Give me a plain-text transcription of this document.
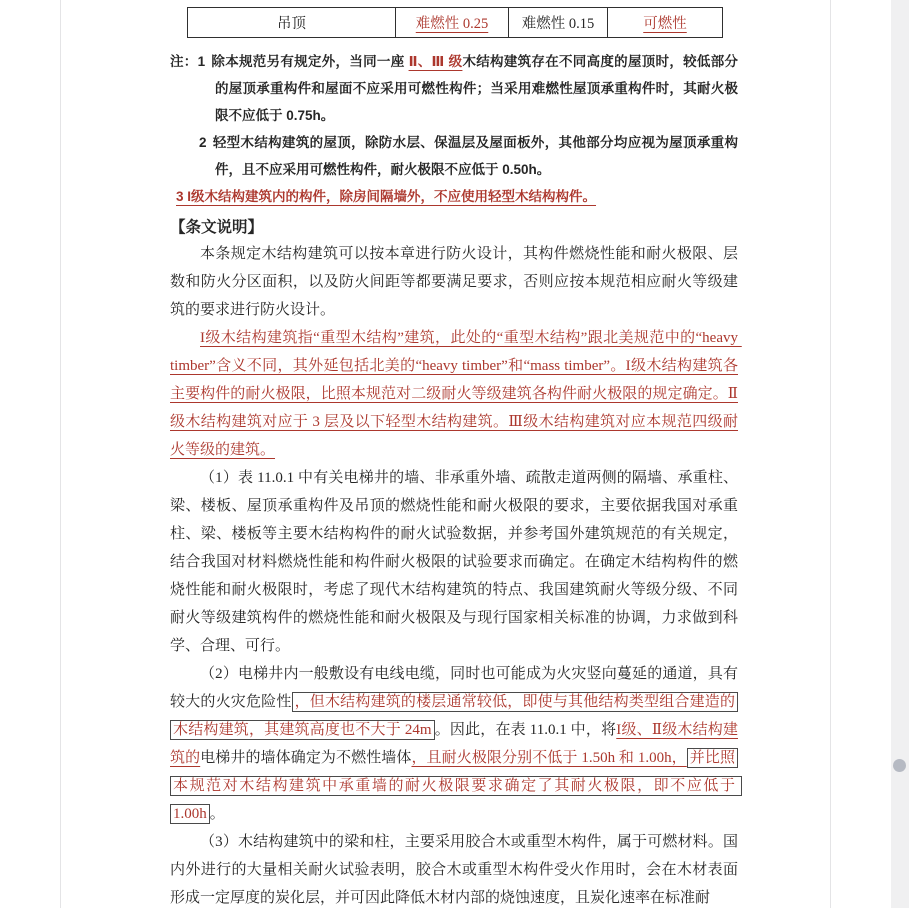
吊顶	难燃性 0.25	难燃性 0.15	可燃性
注：1 除本规范另有规定外，当同一座 Ⅱ、Ⅲ 级木结构建筑存在不同高度的屋顶时，较低部分的屋顶承重构件和屋面不应采用可燃性构件；当采用难燃性屋顶承重构件时，其耐火极限不应低于 0.75h。
2 轻型木结构建筑的屋顶，除防水层、保温层及屋面板外，其他部分均应视为屋顶承重构件，且不应采用可燃性构件，耐火极限不应低于 0.50h。
3 I级木结构建筑内的构件，除房间隔墙外，不应使用轻型木结构构件。
【条文说明】

本条规定木结构建筑可以按本章进行防火设计，其构件燃烧性能和耐火极限、层数和防火分区面积，以及防火间距等都要满足要求，否则应按本规范相应耐火等级建筑的要求进行防火设计。

I级木结构建筑指“重型木结构”建筑，此处的“重型木结构”跟北美规范中的“heavy timber”含义不同，其外延包括北美的“heavy timber”和“mass timber”。I级木结构建筑各主要构件的耐火极限，比照本规范对二级耐火等级建筑各构件耐火极限的规定确定。Ⅱ级木结构建筑对应于 3 层及以下轻型木结构建筑。Ⅲ级木结构建筑对应本规范四级耐火等级的建筑。

（1）表 11.0.1 中有关电梯井的墙、非承重外墙、疏散走道两侧的隔墙、承重柱、梁、楼板、屋顶承重构件及吊顶的燃烧性能和耐火极限的要求，主要依据我国对承重柱、梁、楼板等主要木结构构件的耐火试验数据，并参考国外建筑规范的有关规定，结合我国对材料燃烧性能和构件耐火极限的试验要求而确定。在确定木结构构件的燃烧性能和耐火极限时，考虑了现代木结构建筑的特点、我国建筑耐火等级分级、不同耐火等级建筑构件的燃烧性能和耐火极限及与现行国家相关标准的协调，力求做到科学、合理、可行。

（2）电梯井内一般敷设有电线电缆，同时也可能成为火灾竖向蔓延的通道，具有较大的火灾危险性 ，但木结构建筑的楼层通常较低，即使与其他结构类型组合建造的木结构建筑，其建筑高度也不大于 24m 。因此，在表 11.0.1 中，将I级、Ⅱ级木结构建筑的电梯井的墙体确定为不燃性墙体，且耐火极限分别不低于 1.50h 和 1.00h， 并比照本规范对木结构建筑中承重墙的耐火极限要求确定了其耐火极限，即不应低于 1.00h 。

（3）木结构建筑中的梁和柱，主要采用胶合木或重型木构件，属于可燃材料。国内外进行的大量相关耐火试验表明，胶合木或重型木构件受火作用时，会在木材表面形成一定厚度的炭化层，并可因此降低木材内部的烧蚀速度，且炭化速率在标准耐
